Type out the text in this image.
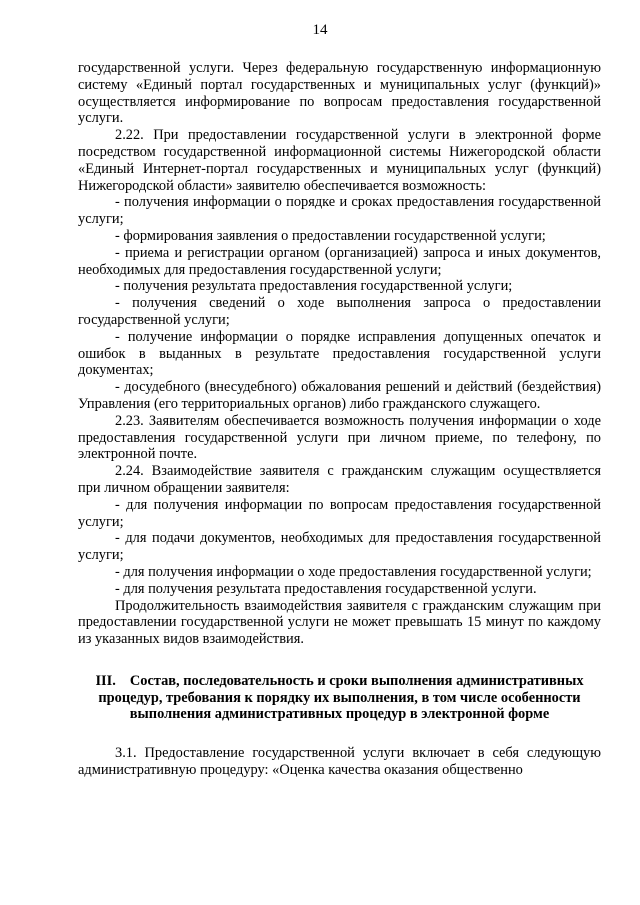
14

государственной услуги. Через федеральную государственную информационную систему «Единый портал государственных и муниципальных услуг (функций)» осуществляется информирование по вопросам предоставления государственной услуги.

2.22. При предоставлении государственной услуги в электронной форме посредством государственной информационной системы Нижегородской области «Единый Интернет-портал государственных и муниципальных услуг (функций) Нижегородской области» заявителю обеспечивается возможность:

- получения информации о порядке и сроках предоставления государственной услуги;

- формирования заявления о предоставлении государственной услуги;

- приема и регистрации органом (организацией) запроса и иных документов, необходимых для предоставления государственной услуги;

- получения результата предоставления государственной услуги;

- получения сведений о ходе выполнения запроса о предоставлении государственной услуги;

- получение информации о порядке исправления допущенных опечаток и ошибок в выданных в результате предоставления государственной услуги документах;

- досудебного (внесудебного) обжалования решений и действий (бездействия) Управления (его территориальных органов) либо гражданского служащего.

2.23. Заявителям обеспечивается возможность получения информации о ходе предоставления государственной услуги при личном приеме, по телефону, по электронной почте.

2.24. Взаимодействие заявителя с гражданским служащим осуществляется при личном обращении заявителя:

- для получения информации по вопросам предоставления государственной услуги;

- для подачи документов, необходимых для предоставления государственной услуги;

- для получения информации о ходе предоставления государственной услуги;

- для получения результата предоставления государственной услуги.

Продолжительность взаимодействия заявителя с гражданским служащим при предоставлении государственной услуги не может превышать 15 минут по каждому из указанных видов взаимодействия.

III. Состав, последовательность и сроки выполнения административных процедур, требования к порядку их выполнения, в том числе особенности выполнения административных процедур в электронной форме

3.1. Предоставление государственной услуги включает в себя следующую административную процедуру: «Оценка качества оказания общественно
